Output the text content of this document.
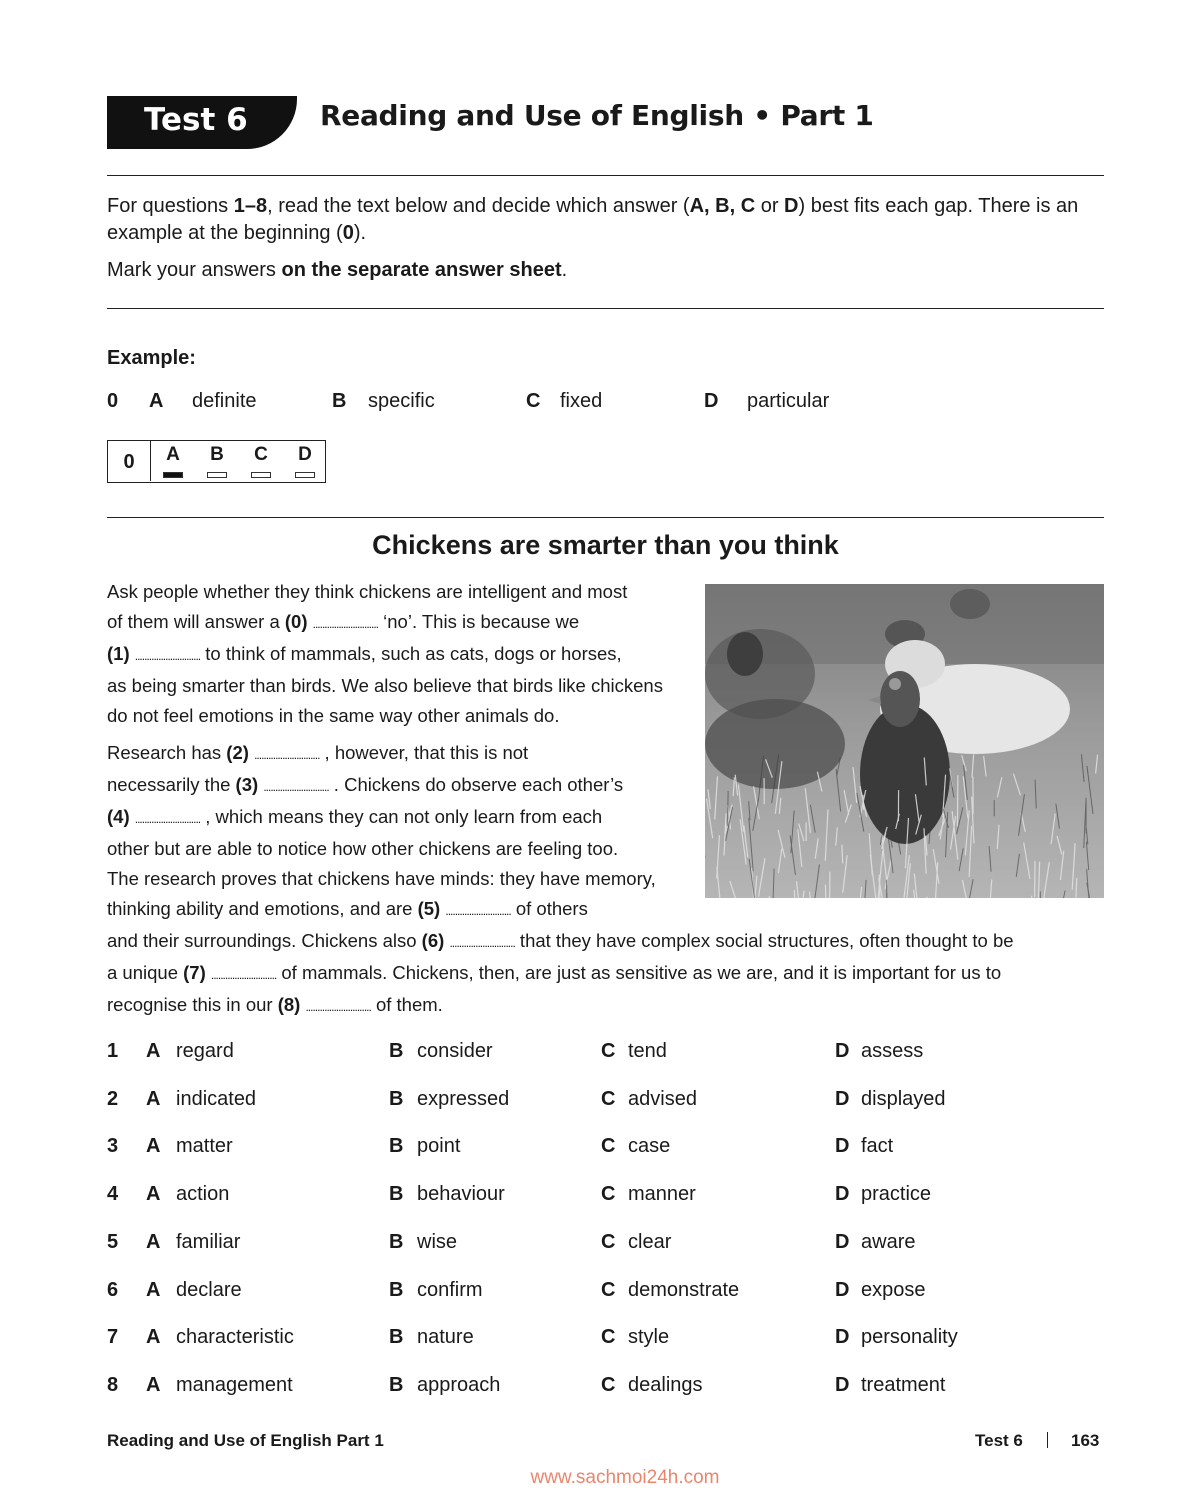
Test 6	Reading and Use of English • Part 1
For questions 1–8, read the text below and decide which answer (A, B, C or D) best fits each gap. There is an example at the beginning (0).
Mark your answers on the separate answer sheet.
Example:
0 A definite	B specific	C fixed	D particular
0	A B C D
Chickens are smarter than you think
Ask people whether they think chickens are intelligent and most
of them will answer a (0) ............................ ‘no’. This is because we
(1) ............................ to think of mammals, such as cats, dogs or horses,
as being smarter than birds. We also believe that birds like chickens
do not feel emotions in the same way other animals do.
Research has (2) ............................ , however, that this is not
necessarily the (3) ............................ . Chickens do observe each other’s
(4) ............................ , which means they can not only learn from each
other but are able to notice how other chickens are feeling too.
The research proves that chickens have minds: they have memory,
thinking ability and emotions, and are (5) ............................ of others
and their surroundings. Chickens also (6) ............................ that they have complex social structures, often thought to be
a unique (7) ............................ of mammals. Chickens, then, are just as sensitive as we are, and it is important for us to
recognise this in our (8) ............................ of them.
1 A regard	B consider	C tend	D assess
2 A indicated	B expressed	C advised	D displayed
3 A matter	B point	C case	D fact
4 A action	B behaviour	C manner	D practice
5 A familiar	B wise	C clear	D aware
6 A declare	B confirm	C demonstrate	D expose
7 A characteristic	B nature	C style	D personality
8 A management	B approach	C dealings	D treatment
Reading and Use of English Part 1	Test 6	163
www.sachmoi24h.com
